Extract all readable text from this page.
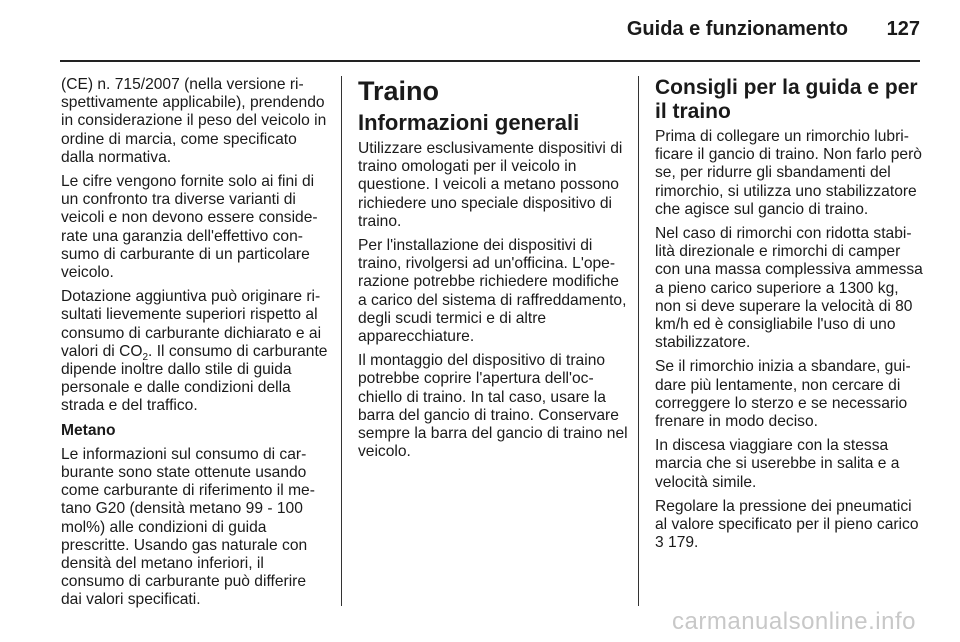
Guida e funzionamento 127

(CE) n. 715/2007 (nella versione rispettivamente applicabile), prendendo in considerazione il peso del veicolo in ordine di marcia, come specificato dalla normativa.

Le cifre vengono fornite solo ai fini di un confronto tra diverse varianti di veicoli e non devono essere considerate una garanzia dell'effettivo consumo di carburante di un particolare veicolo.

Dotazione aggiuntiva può originare risultati lievemente superiori rispetto al consumo di carburante dichiarato e ai valori di $CO_2$. Il consumo di carburante dipende inoltre dallo stile di guida personale e dalle condizioni della strada e del traffico.

Metano

Le informazioni sul consumo di carburante sono state ottenute usando come carburante di riferimento il metano G20 (densità metano 99 - 100 mol%) alle condizioni di guida prescritte. Usando gas naturale con densità del metano inferiori, il consumo di carburante può differire dai valori specificati.

Traino
Informazioni generali

Utilizzare esclusivamente dispositivi di traino omologati per il veicolo in questione. I veicoli a metano possono richiedere uno speciale dispositivo di traino.

Per l'installazione dei dispositivi di traino, rivolgersi ad un'officina. L'operazione potrebbe richiedere modifiche a carico del sistema di raffreddamento, degli scudi termici e di altre apparecchiature.

Il montaggio del dispositivo di traino potrebbe coprire l'apertura dell'occhiello di traino. In tal caso, usare la barra del gancio di traino. Conservare sempre la barra del gancio di traino nel veicolo.

Consigli per la guida e per il traino

Prima di collegare un rimorchio lubrificare il gancio di traino. Non farlo però se, per ridurre gli sbandamenti del rimorchio, si utilizza uno stabilizzatore che agisce sul gancio di traino.

Nel caso di rimorchi con ridotta stabilità direzionale e rimorchi di camper con una massa complessiva ammessa a pieno carico superiore a 1300 kg, non si deve superare la velocità di 80 km/h ed è consigliabile l'uso di uno stabilizzatore.

Se il rimorchio inizia a sbandare, guidare più lentamente, non cercare di correggere lo sterzo e se necessario frenare in modo deciso.

In discesa viaggiare con la stessa marcia che si userebbe in salita e a velocità simile.

Regolare la pressione dei pneumatici al valore specificato per il pieno carico 3 179.

carmanualsonline.info
